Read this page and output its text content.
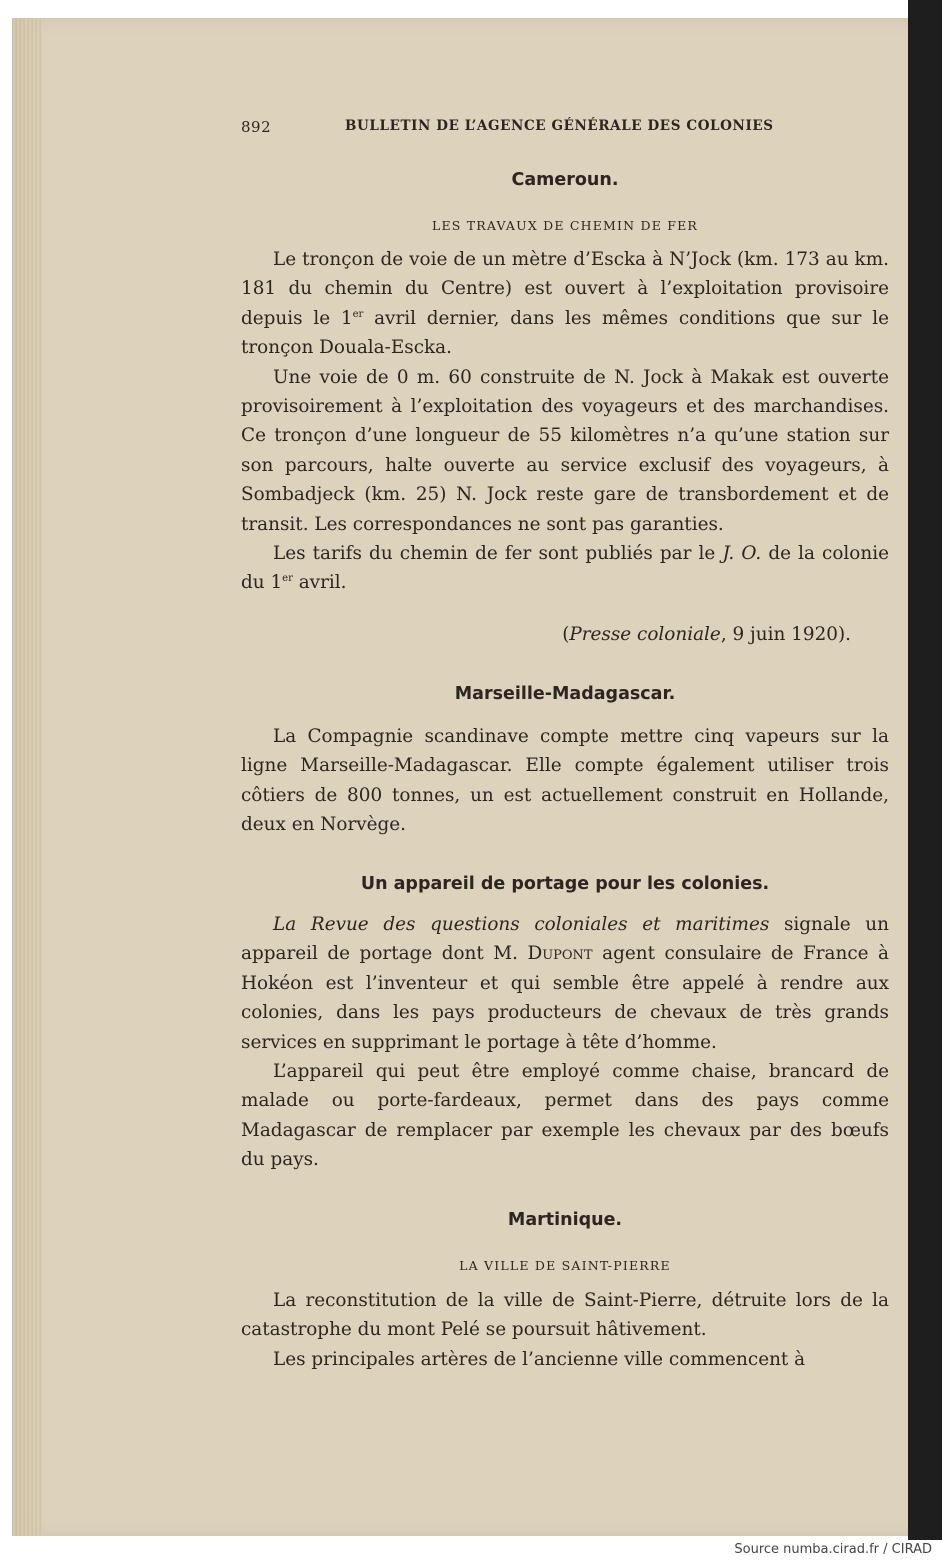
892	BULLETIN DE L’AGENCE GÉNÉRALE DES COLONIES
Cameroun.
LES TRAVAUX DE CHEMIN DE FER

Le tronçon de voie de un mètre d’Escka à N’Jock (km. 173 au km. 181 du chemin du Centre) est ouvert à l’exploitation provisoire depuis le 1er avril dernier, dans les mêmes conditions que sur le tronçon Douala-Escka.

Une voie de 0 m. 60 construite de N. Jock à Makak est ouverte provisoirement à l’exploitation des voyageurs et des marchandises. Ce tronçon d’une longueur de 55 kilomètres n’a qu’une station sur son parcours, halte ouverte au service exclusif des voyageurs, à Sombadjeck (km. 25) N. Jock reste gare de transbordement et de transit. Les correspondances ne sont pas garanties.

Les tarifs du chemin de fer sont publiés par le J. O. de la colonie du 1er avril.

(Presse coloniale, 9 juin 1920).
Marseille-Madagascar.

La Compagnie scandinave compte mettre cinq vapeurs sur la ligne Marseille-Madagascar. Elle compte également utiliser trois côtiers de 800 tonnes, un est actuellement construit en Hollande, deux en Norvège.

Un appareil de portage pour les colonies.

La Revue des questions coloniales et maritimes signale un appareil de portage dont M. Dupont agent consulaire de France à Hokéon est l’inventeur et qui semble être appelé à rendre aux colonies, dans les pays producteurs de chevaux de très grands services en supprimant le portage à tête d’homme.

L’appareil qui peut être employé comme chaise, brancard de malade ou porte-fardeaux, permet dans des pays comme Madagascar de remplacer par exemple les chevaux par des bœufs du pays.

Martinique.
LA VILLE DE SAINT-PIERRE

La reconstitution de la ville de Saint-Pierre, détruite lors de la catastrophe du mont Pelé se poursuit hâtivement.

Les principales artères de l’ancienne ville commencent à

Source numba.cirad.fr / CIRAD
